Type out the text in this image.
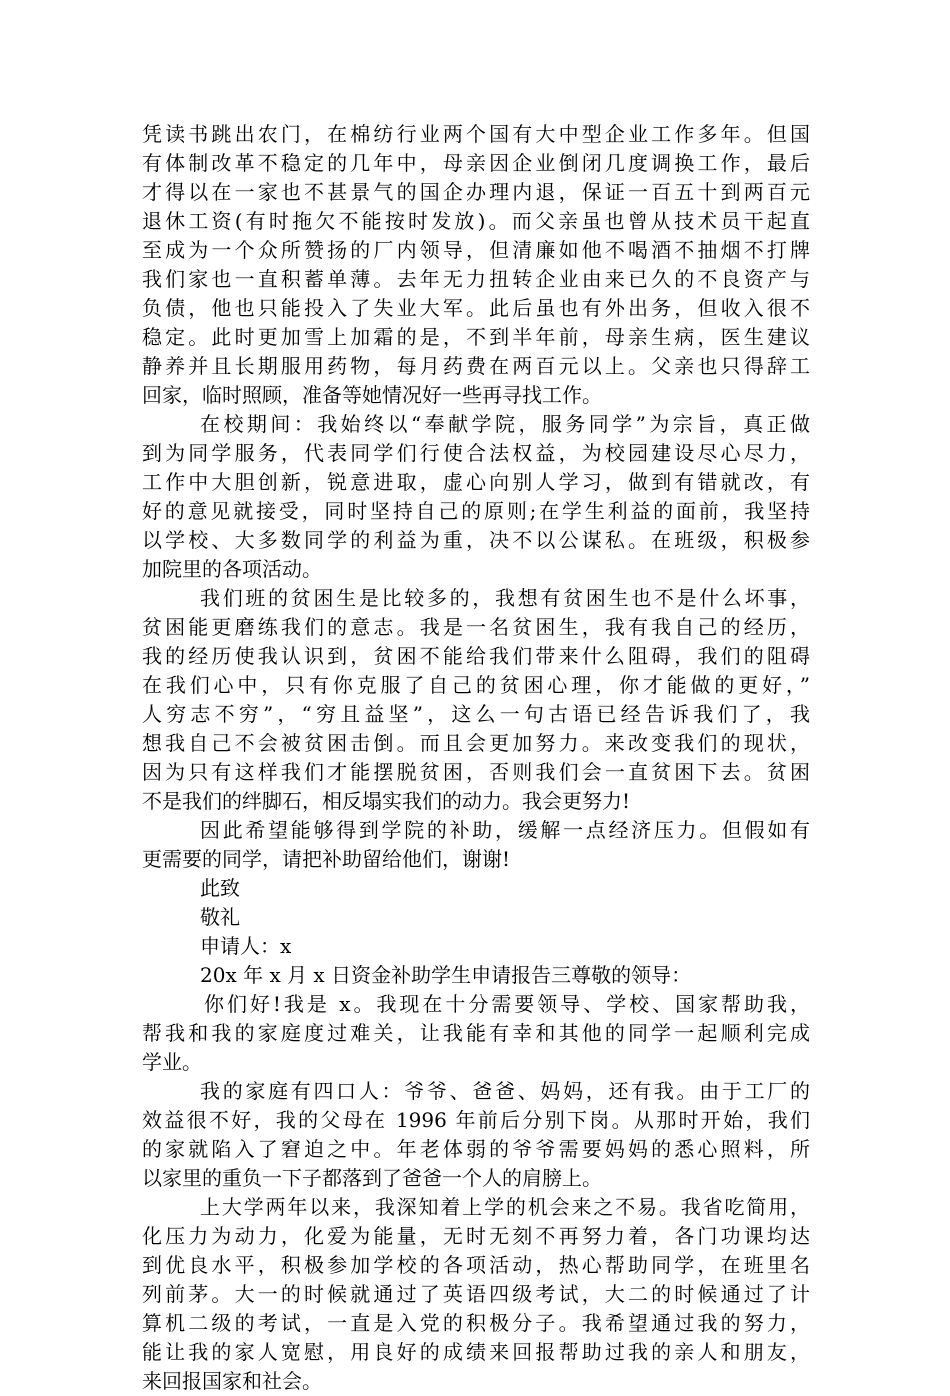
凭读书跳出农门，在棉纺行业两个国有大中型企业工作多年。但国
有体制改革不稳定的几年中，母亲因企业倒闭几度调换工作，最后
才得以在一家也不甚景气的国企办理内退，保证一百五十到两百元
退休工资(有时拖欠不能按时发放)。而父亲虽也曾从技术员干起直
至成为一个众所赞扬的厂内领导，但清廉如他不喝酒不抽烟不打牌
我们家也一直积蓄单薄。去年无力扭转企业由来已久的不良资产与
负债，他也只能投入了失业大军。此后虽也有外出务，但收入很不
稳定。此时更加雪上加霜的是，不到半年前，母亲生病，医生建议
静养并且长期服用药物，每月药费在两百元以上。父亲也只得辞工
回家，临时照顾，准备等她情况好一些再寻找工作。
在校期间：我始终以“奉献学院，服务同学”为宗旨，真正做
到为同学服务，代表同学们行使合法权益，为校园建设尽心尽力，
工作中大胆创新，锐意进取，虚心向别人学习，做到有错就改，有
好的意见就接受，同时坚持自己的原则;在学生利益的面前，我坚持
以学校、大多数同学的利益为重，决不以公谋私。在班级，积极参
加院里的各项活动。
我们班的贫困生是比较多的，我想有贫困生也不是什么坏事，
贫困能更磨练我们的意志。我是一名贫困生，我有我自己的经历，
我的经历使我认识到，贫困不能给我们带来什么阻碍，我们的阻碍
在我们心中，只有你克服了自己的贫困心理，你才能做的更好，”
人穷志不穷”，“穷且益坚”，这么一句古语已经告诉我们了，我
想我自己不会被贫困击倒。而且会更加努力。来改变我们的现状，
因为只有这样我们才能摆脱贫困，否则我们会一直贫困下去。贫困
不是我们的绊脚石，相反塌实我们的动力。我会更努力!
因此希望能够得到学院的补助，缓解一点经济压力。但假如有
更需要的同学，请把补助留给他们，谢谢!
此致
敬礼
申请人：x
20x 年 x 月 x 日资金补助学生申请报告三尊敬的领导：
你们好!我是 x。我现在十分需要领导、学校、国家帮助我，
帮我和我的家庭度过难关，让我能有幸和其他的同学一起顺利完成
学业。
我的家庭有四口人：爷爷、爸爸、妈妈，还有我。由于工厂的
效益很不好，我的父母在 1996 年前后分别下岗。从那时开始，我们
的家就陷入了窘迫之中。年老体弱的爷爷需要妈妈的悉心照料，所
以家里的重负一下子都落到了爸爸一个人的肩膀上。
上大学两年以来，我深知着上学的机会来之不易。我省吃简用，
化压力为动力，化爱为能量，无时无刻不再努力着，各门功课均达
到优良水平，积极参加学校的各项活动，热心帮助同学，在班里名
列前茅。大一的时候就通过了英语四级考试，大二的时候通过了计
算机二级的考试，一直是入党的积极分子。我希望通过我的努力，
能让我的家人宽慰，用良好的成绩来回报帮助过我的亲人和朋友，
来回报国家和社会。
